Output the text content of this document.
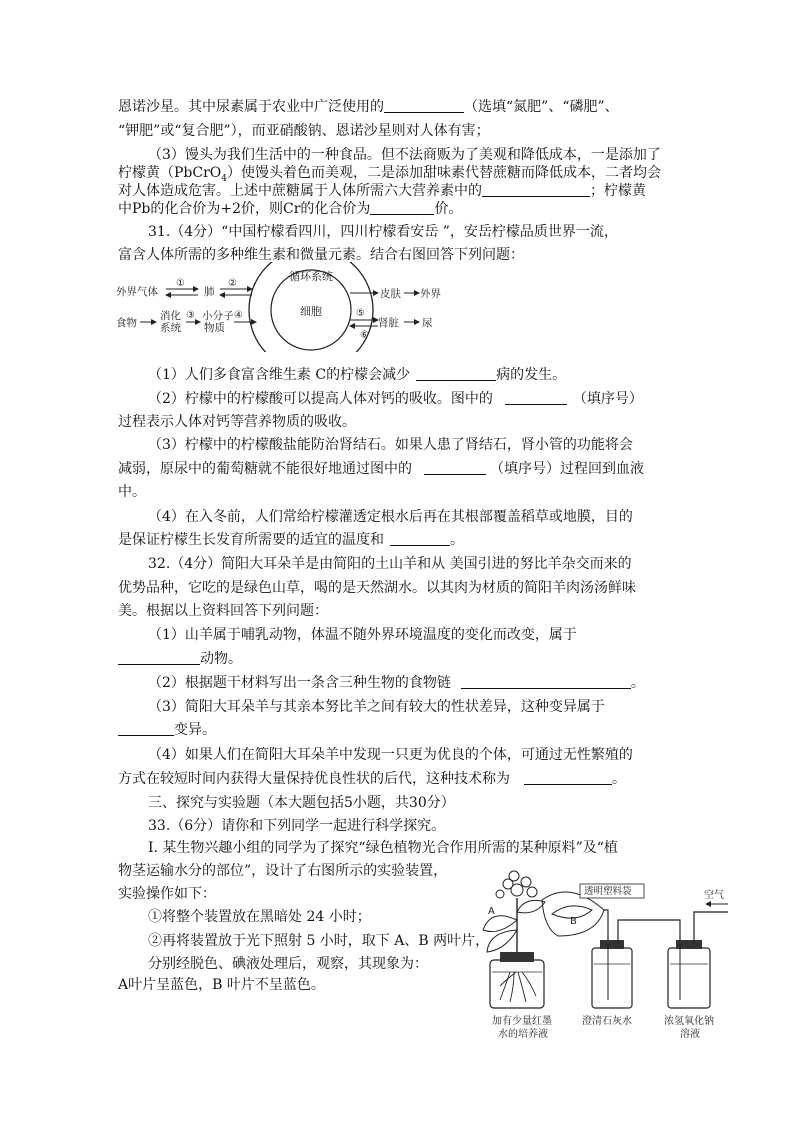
恩诺沙星。其中尿素属于农业中广泛使用的	（选填“氮肥”、“磷肥”、
“钾肥”或“复合肥”），而亚硝酸钠、恩诺沙星则对人体有害；
（3）馒头为我们生活中的一种食品。但不法商贩为了美观和降低成本，一是添加了
柠檬黄（PbCrO$_4$）使馒头着色而美观，二是添加甜味素代替蔗糖而降低成本，二者均会
对人体造成危害。上述中蔗糖属于人体所需六大营养素中的	；柠檬黄
中Pb的化合价为+2价，则Cr的化合价为	价。
31.（4分）“中国柠檬看四川，四川柠檬看安岳 ”，安岳柠檬品质世界一流，
富含人体所需的多种维生素和微量元素。结合右图回答下列问题：
循环系统
细胞
外界气体
①
肺
②
皮肤 外界
食物
消化
系统
③ 小分子
物质
④	⑤
⑥
肾脏 尿
（1）人们多食富含维生素 C的柠檬会减少	病的发生。
（2）柠檬中的柠檬酸可以提高人体对钙的吸收。图中的	（填序号）
过程表示人体对钙等营养物质的吸收。
（3）柠檬中的柠檬酸盐能防治肾结石。如果人患了肾结石，肾小管的功能将会
减弱，原尿中的葡萄糖就不能很好地通过图中的	（填序号）过程回到血液
中。
（4）在入冬前，人们常给柠檬灌透定根水后再在其根部覆盖稻草或地膜，目的
是保证柠檬生长发育所需要的适宜的温度和	。
32.（4分）简阳大耳朵羊是由简阳的土山羊和从 美国引进的努比羊杂交而来的
优势品种，它吃的是绿色山草，喝的是天然湖水。以其肉为材质的简阳羊肉汤汤鲜味
美。根据以上资料回答下列问题：
（1）山羊属于哺乳动物，体温不随外界环境温度的变化而改变，属于
动物。
（2）根据题干材料写出一条含三种生物的食物链	。
（3）简阳大耳朵羊与其亲本努比羊之间有较大的性状差异，这种变异属于
变异。
（4）如果人们在简阳大耳朵羊中发现一只更为优良的个体，可通过无性繁殖的
方式在较短时间内获得大量保持优良性状的后代，这种技术称为	。
三、探究与实验题（本大题包括5小题，共30分）
33.（6分）请你和下列同学一起进行科学探究。
Ⅰ. 某生物兴趣小组的同学为了探究“绿色植物光合作用所需的某种原料”及“植
物茎运输水分的部位”，设计了右图所示的实验装置，
实验操作如下：
①将整个装置放在黑暗处 24 小时；
②再将装置放于光下照射 5 小时，取下 A、B 两叶片，
分别经脱色、碘液处理后，观察，其现象为：
A叶片呈蓝色，B 叶片不呈蓝色。
A
B
透明塑料袋	空气
加有少量红墨
水的培养液
澄清石灰水	浓氢氧化钠
溶液
